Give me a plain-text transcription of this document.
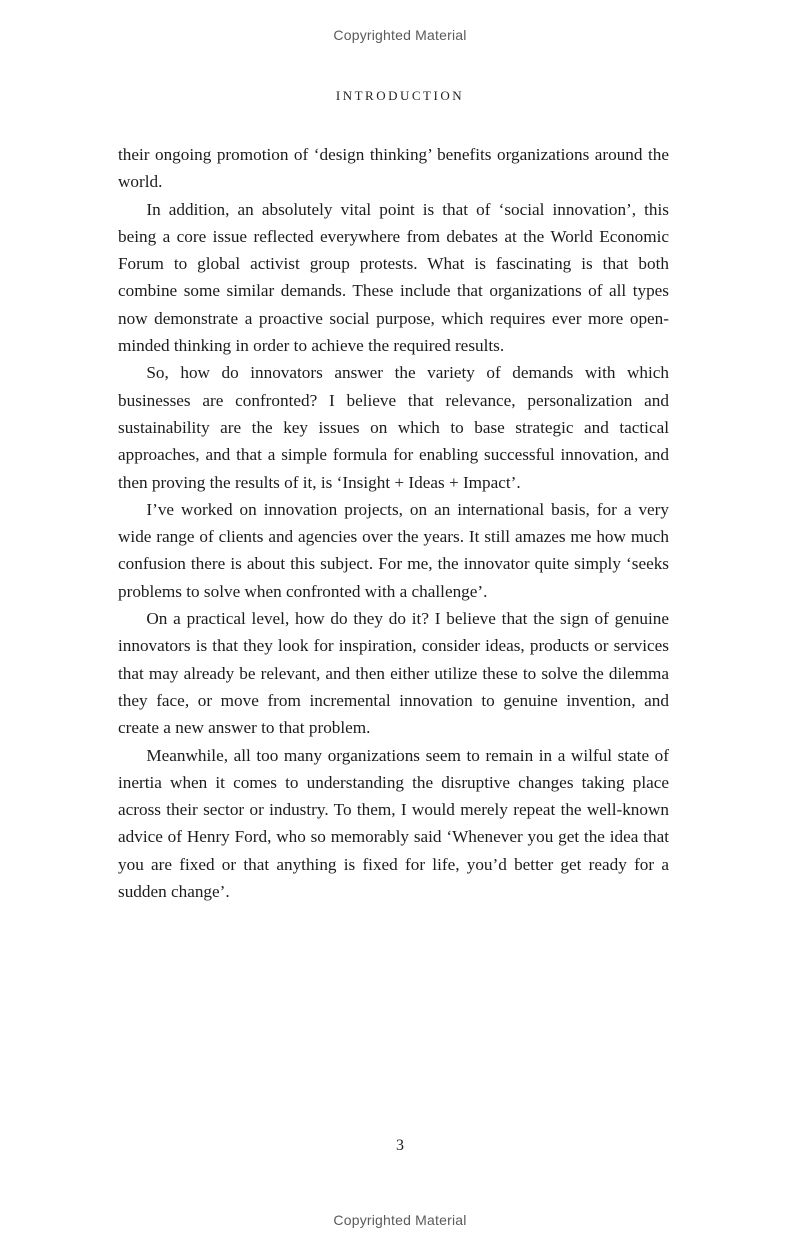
Copyrighted Material
INTRODUCTION

their ongoing promotion of ‘design thinking’ benefits organizations around the world.

In addition, an absolutely vital point is that of ‘social innovation’, this being a core issue reflected everywhere from debates at the World Economic Forum to global activist group protests. What is fascinating is that both combine some similar demands. These include that organizations of all types now demonstrate a proactive social purpose, which requires ever more open-minded thinking in order to achieve the required results.

So, how do innovators answer the variety of demands with which businesses are confronted? I believe that relevance, personalization and sustainability are the key issues on which to base strategic and tactical approaches, and that a simple formula for enabling successful innovation, and then proving the results of it, is ‘Insight + Ideas + Impact’.

I’ve worked on innovation projects, on an international basis, for a very wide range of clients and agencies over the years. It still amazes me how much confusion there is about this subject. For me, the innovator quite simply ‘seeks problems to solve when confronted with a challenge’.

On a practical level, how do they do it? I believe that the sign of genuine innovators is that they look for inspiration, consider ideas, products or services that may already be relevant, and then either utilize these to solve the dilemma they face, or move from incremental innovation to genuine invention, and create a new answer to that problem.

Meanwhile, all too many organizations seem to remain in a wilful state of inertia when it comes to understanding the disruptive changes taking place across their sector or industry. To them, I would merely repeat the well-known advice of Henry Ford, who so memorably said ‘Whenever you get the idea that you are fixed or that anything is fixed for life, you’d better get ready for a sudden change’.

3
Copyrighted Material
